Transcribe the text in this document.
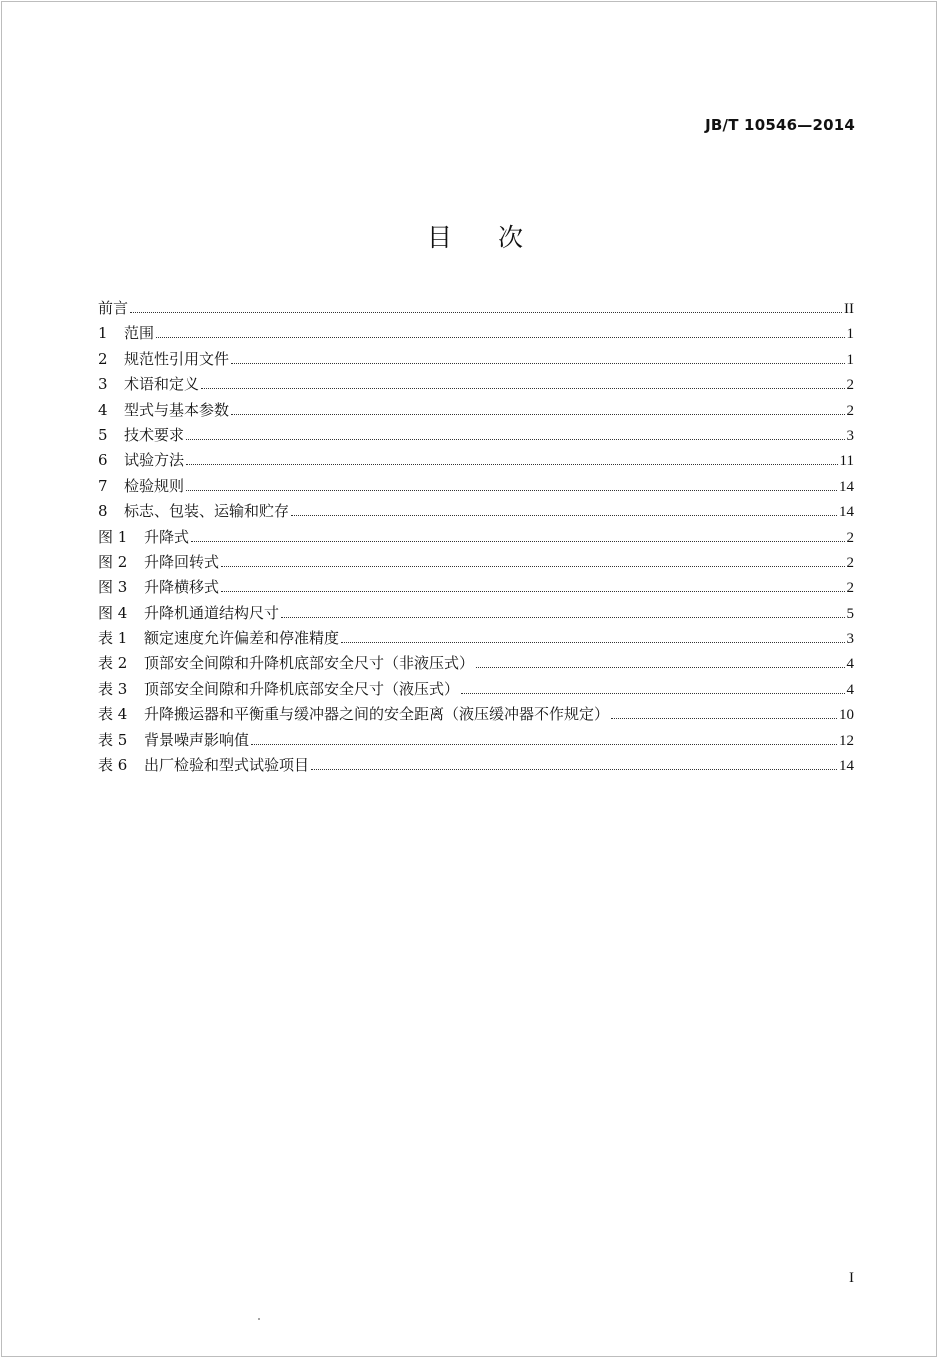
JB/T 10546—2014
目 次
前言	II
1	范围	1
2	规范性引用文件	1
3	术语和定义	2
4	型式与基本参数	2
5	技术要求	3
6	试验方法	11
7	检验规则	14
8	标志、包装、运输和贮存	14
图 1	升降式	2
图 2	升降回转式	2
图 3	升降横移式	2
图 4	升降机通道结构尺寸	5
表 1	额定速度允许偏差和停准精度	3
表 2	顶部安全间隙和升降机底部安全尺寸（非液压式）	4
表 3	顶部安全间隙和升降机底部安全尺寸（液压式）	4
表 4	升降搬运器和平衡重与缓冲器之间的安全距离（液压缓冲器不作规定）	10
表 5	背景噪声影响值	12
表 6	出厂检验和型式试验项目	14
I
